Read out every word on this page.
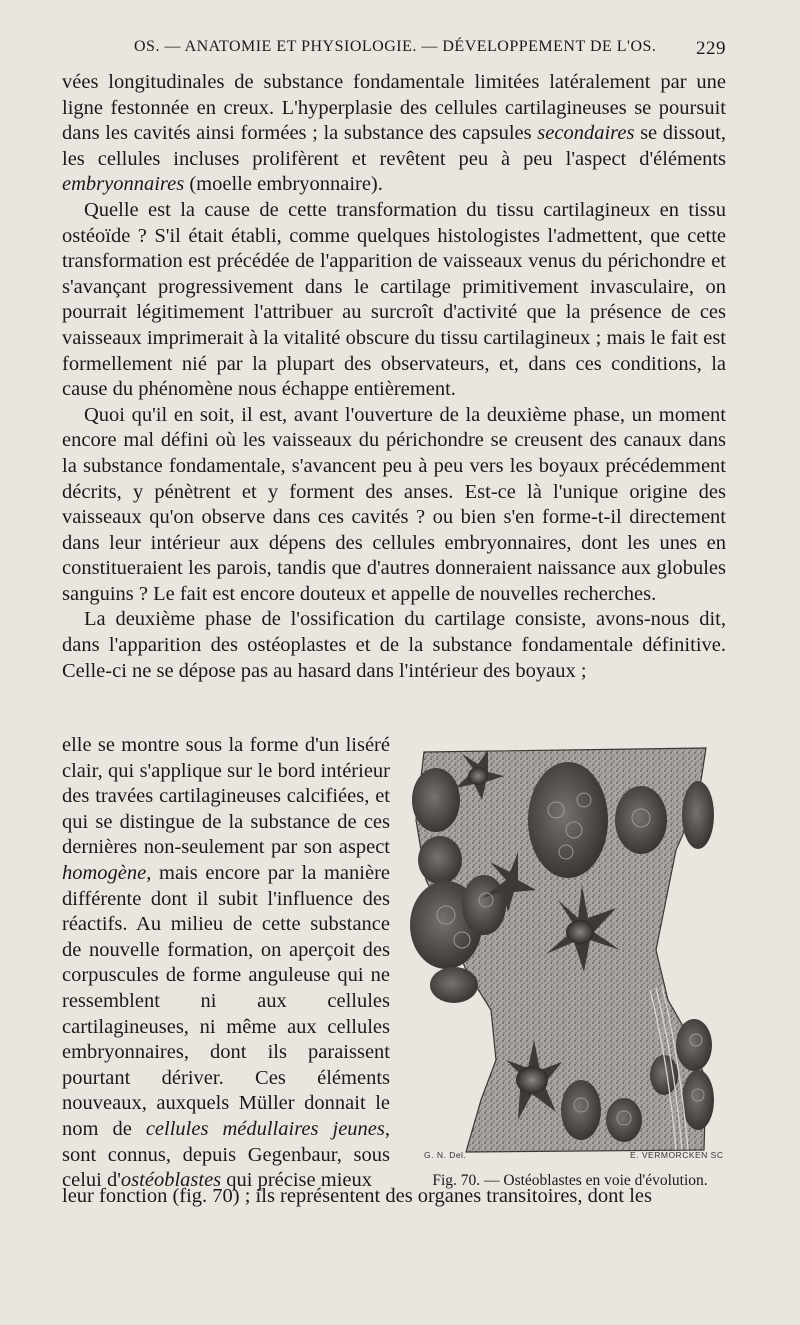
OS. — ANATOMIE ET PHYSIOLOGIE. — DÉVELOPPEMENT DE L'OS. 229

vées longitudinales de substance fondamentale limitées latéralement par une ligne festonnée en creux. L'hyperplasie des cellules cartilagineuses se poursuit dans les cavités ainsi formées ; la substance des capsules secondaires se dissout, les cellules incluses prolifèrent et revêtent peu à peu l'aspect d'éléments embryonnaires (moelle embryonnaire).

Quelle est la cause de cette transformation du tissu cartilagineux en tissu ostéoïde ? S'il était établi, comme quelques histologistes l'admettent, que cette transformation est précédée de l'apparition de vaisseaux venus du périchondre et s'avançant progressivement dans le cartilage primitivement invasculaire, on pourrait légitimement l'attribuer au surcroît d'activité que la présence de ces vaisseaux imprimerait à la vitalité obscure du tissu cartilagineux ; mais le fait est formellement nié par la plupart des observateurs, et, dans ces conditions, la cause du phénomène nous échappe entièrement.

Quoi qu'il en soit, il est, avant l'ouverture de la deuxième phase, un moment encore mal défini où les vaisseaux du périchondre se creusent des canaux dans la substance fondamentale, s'avancent peu à peu vers les boyaux précédemment décrits, y pénètrent et y forment des anses. Est-ce là l'unique origine des vaisseaux qu'on observe dans ces cavités ? ou bien s'en forme-t-il directement dans leur intérieur aux dépens des cellules embryonnaires, dont les unes en constitueraient les parois, tandis que d'autres donneraient naissance aux globules sanguins ? Le fait est encore douteux et appelle de nouvelles recherches.

La deuxième phase de l'ossification du cartilage consiste, avons-nous dit, dans l'apparition des ostéoplastes et de la substance fondamentale définitive. Celle-ci ne se dépose pas au hasard dans l'intérieur des boyaux ;

elle se montre sous la forme d'un liséré clair, qui s'applique sur le bord intérieur des travées cartilagineuses calcifiées, et qui se distingue de la substance de ces dernières non-seulement par son aspect homogène, mais encore par la manière différente dont il subit l'influence des réactifs. Au milieu de cette substance de nouvelle formation, on aperçoit des corpuscules de forme anguleuse qui ne ressemblent ni aux cellules cartilagineuses, ni même aux cellules embryonnaires, dont ils paraissent pourtant dériver. Ces éléments nouveaux, auxquels Müller donnait le nom de cellules médullaires jeunes, sont connus, depuis Gegenbaur, sous celui d'ostéoblastes qui précise mieux

leur fonction (fig. 70) ; ils représentent des organes transitoires, dont les

G. N. Del.	E. VERMORCKEN SC
Fig. 70. — Ostéoblastes en voie d'évolution.
